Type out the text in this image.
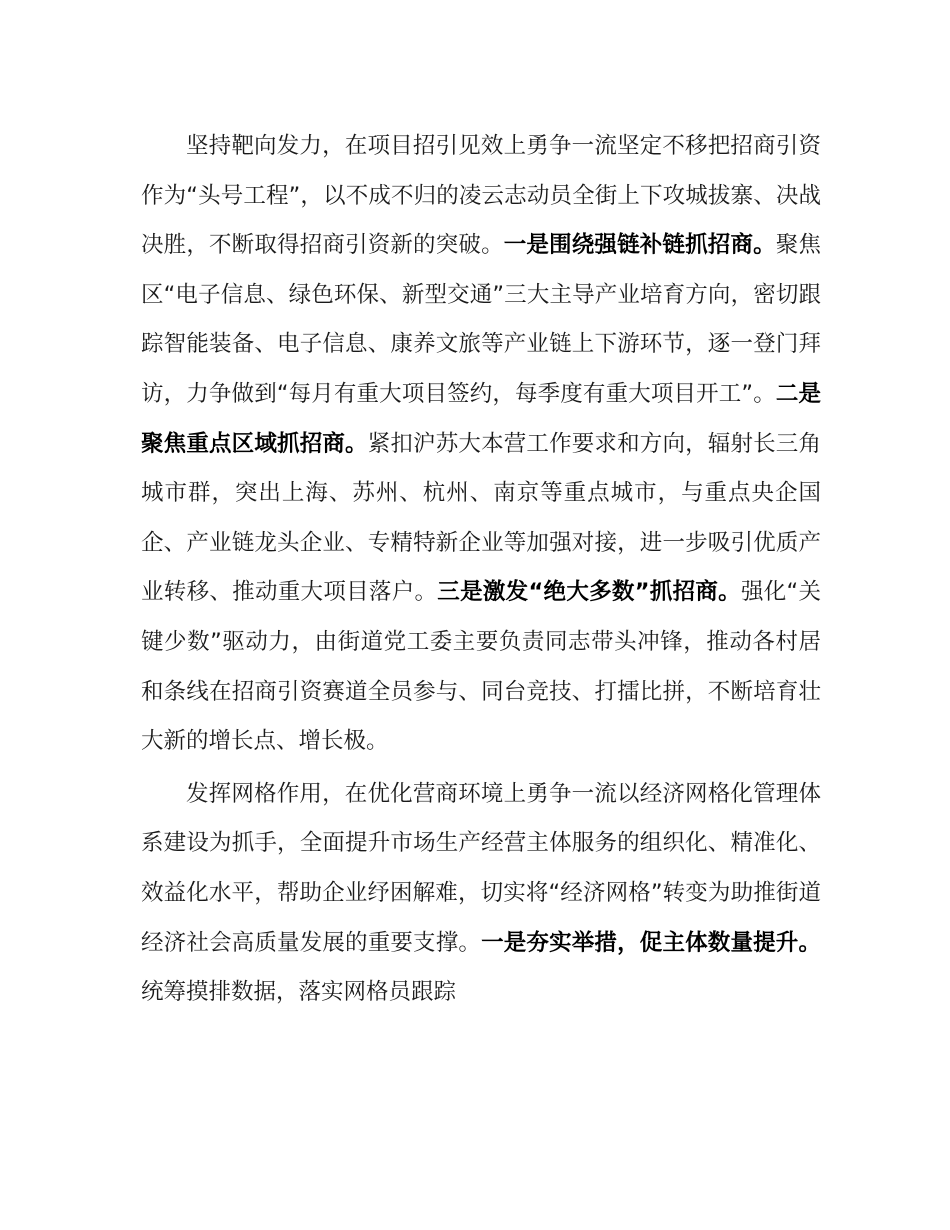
坚持靶向发力，在项目招引见效上勇争一流坚定不移把招商引资作为“头号工程”，以不成不归的凌云志动员全街上下攻城拔寨、决战决胜，不断取得招商引资新的突破。一是围绕强链补链抓招商。聚焦区“电子信息、绿色环保、新型交通”三大主导产业培育方向，密切跟踪智能装备、电子信息、康养文旅等产业链上下游环节，逐一登门拜访，力争做到“每月有重大项目签约，每季度有重大项目开工”。二是聚焦重点区域抓招商。紧扣沪苏大本营工作要求和方向，辐射长三角城市群，突出上海、苏州、杭州、南京等重点城市，与重点央企国企、产业链龙头企业、专精特新企业等加强对接，进一步吸引优质产业转移、推动重大项目落户。三是激发“绝大多数”抓招商。强化“关键少数”驱动力，由街道党工委主要负责同志带头冲锋，推动各村居和条线在招商引资赛道全员参与、同台竞技、打擂比拼，不断培育壮大新的增长点、增长极。

发挥网格作用，在优化营商环境上勇争一流以经济网格化管理体系建设为抓手，全面提升市场生产经营主体服务的组织化、精准化、效益化水平，帮助企业纾困解难，切实将“经济网格”转变为助推街道经济社会高质量发展的重要支撑。一是夯实举措，促主体数量提升。统筹摸排数据，落实网格员跟踪
